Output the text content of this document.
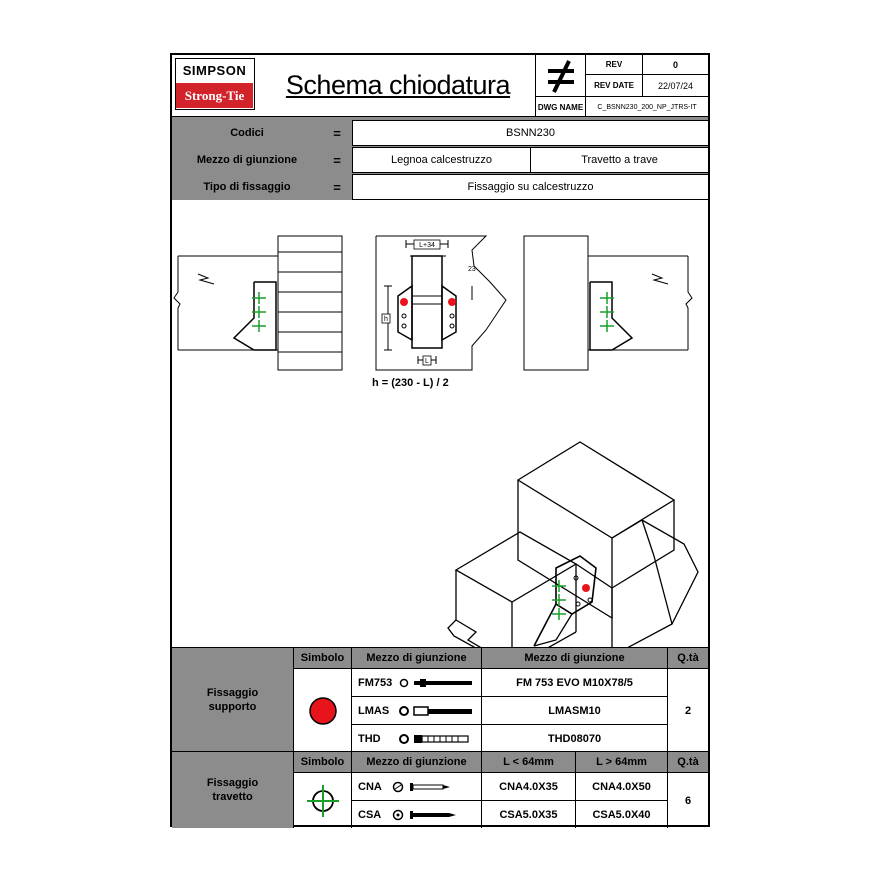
SIMPSON
Strong-Tie	Schema chiodatura
REV	0
REV DATE	22/07/24
DWG NAME	C_BSNN230_200_NP_JTRS-IT
Codici	=	BSNN230
Mezzo di giunzione	=	Legnoa calcestruzzo	Travetto a trave
Tipo di fissaggio	=	Fissaggio su calcestruzzo
L+34
23
h
L
h = (230 - L) / 2
Fissaggio supporto
Simbolo	Mezzo di giunzione	Mezzo di giunzione	Q.tà
FM753	FM 753 EVO M10X78/5
LMAS	LMASM10
THD	THD08070
2
Fissaggio travetto
Simbolo	Mezzo di giunzione	L < 64mm	L > 64mm	Q.tà
CNA	CNA4.0X35	CNA4.0X50
CSA	CSA5.0X35	CSA5.0X40
6
